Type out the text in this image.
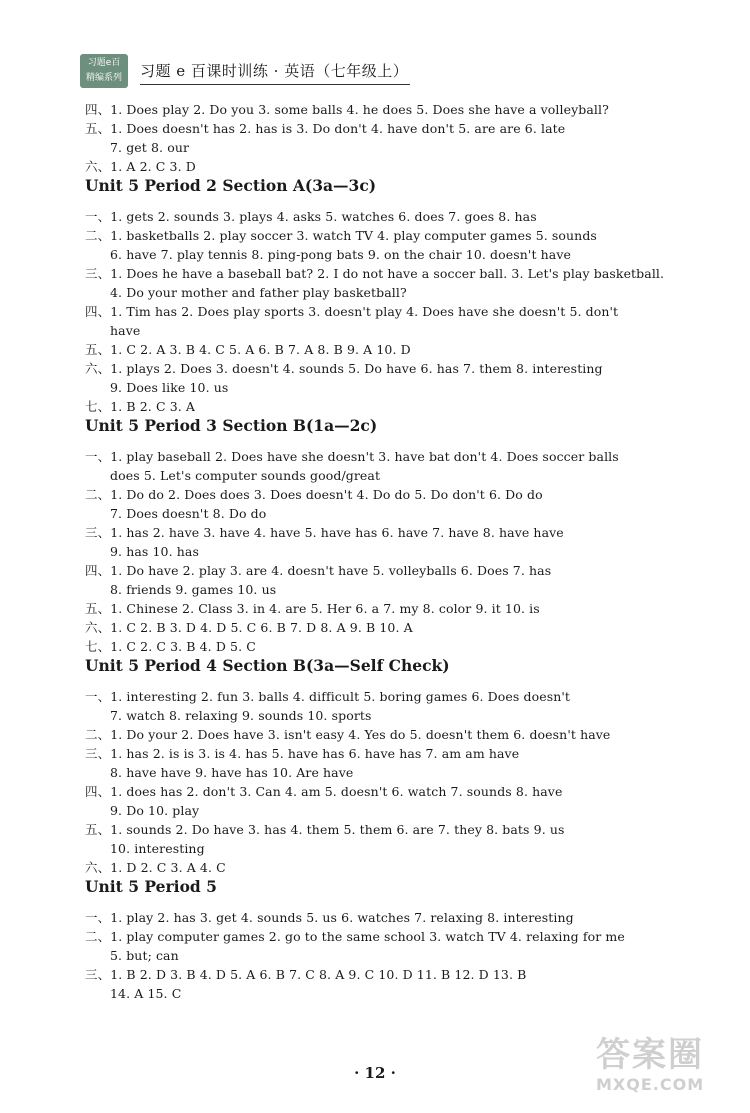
习题e百
精编系列	习题 e 百课时训练 · 英语（七年级上）
四、1. Does play 2. Do you 3. some balls 4. he does 5. Does she have a volleyball?
五、1. Does doesn't has 2. has is 3. Do don't 4. have don't 5. are are 6. late
7. get 8. our
六、1. A 2. C 3. D
Unit 5 Period 2 Section A(3a—3c)
一、1. gets 2. sounds 3. plays 4. asks 5. watches 6. does 7. goes 8. has
二、1. basketballs 2. play soccer 3. watch TV 4. play computer games 5. sounds
6. have 7. play tennis 8. ping-pong bats 9. on the chair 10. doesn't have
三、1. Does he have a baseball bat? 2. I do not have a soccer ball. 3. Let's play basketball.
4. Do your mother and father play basketball?
四、1. Tim has 2. Does play sports 3. doesn't play 4. Does have she doesn't 5. don't
have
五、1. C 2. A 3. B 4. C 5. A 6. B 7. A 8. B 9. A 10. D
六、1. plays 2. Does 3. doesn't 4. sounds 5. Do have 6. has 7. them 8. interesting
9. Does like 10. us
七、1. B 2. C 3. A
Unit 5 Period 3 Section B(1a—2c)
一、1. play baseball 2. Does have she doesn't 3. have bat don't 4. Does soccer balls
does 5. Let's computer sounds good/great
二、1. Do do 2. Does does 3. Does doesn't 4. Do do 5. Do don't 6. Do do
7. Does doesn't 8. Do do
三、1. has 2. have 3. have 4. have 5. have has 6. have 7. have 8. have have
9. has 10. has
四、1. Do have 2. play 3. are 4. doesn't have 5. volleyballs 6. Does 7. has
8. friends 9. games 10. us
五、1. Chinese 2. Class 3. in 4. are 5. Her 6. a 7. my 8. color 9. it 10. is
六、1. C 2. B 3. D 4. D 5. C 6. B 7. D 8. A 9. B 10. A
七、1. C 2. C 3. B 4. D 5. C
Unit 5 Period 4 Section B(3a—Self Check)
一、1. interesting 2. fun 3. balls 4. difficult 5. boring games 6. Does doesn't
7. watch 8. relaxing 9. sounds 10. sports
二、1. Do your 2. Does have 3. isn't easy 4. Yes do 5. doesn't them 6. doesn't have
三、1. has 2. is is 3. is 4. has 5. have has 6. have has 7. am am have
8. have have 9. have has 10. Are have
四、1. does has 2. don't 3. Can 4. am 5. doesn't 6. watch 7. sounds 8. have
9. Do 10. play
五、1. sounds 2. Do have 3. has 4. them 5. them 6. are 7. they 8. bats 9. us
10. interesting
六、1. D 2. C 3. A 4. C
Unit 5 Period 5
一、1. play 2. has 3. get 4. sounds 5. us 6. watches 7. relaxing 8. interesting
二、1. play computer games 2. go to the same school 3. watch TV 4. relaxing for me
5. but; can
三、1. B 2. D 3. B 4. D 5. A 6. B 7. C 8. A 9. C 10. D 11. B 12. D 13. B
14. A 15. C
· 12 ·	答案圈
MXQE.COM
